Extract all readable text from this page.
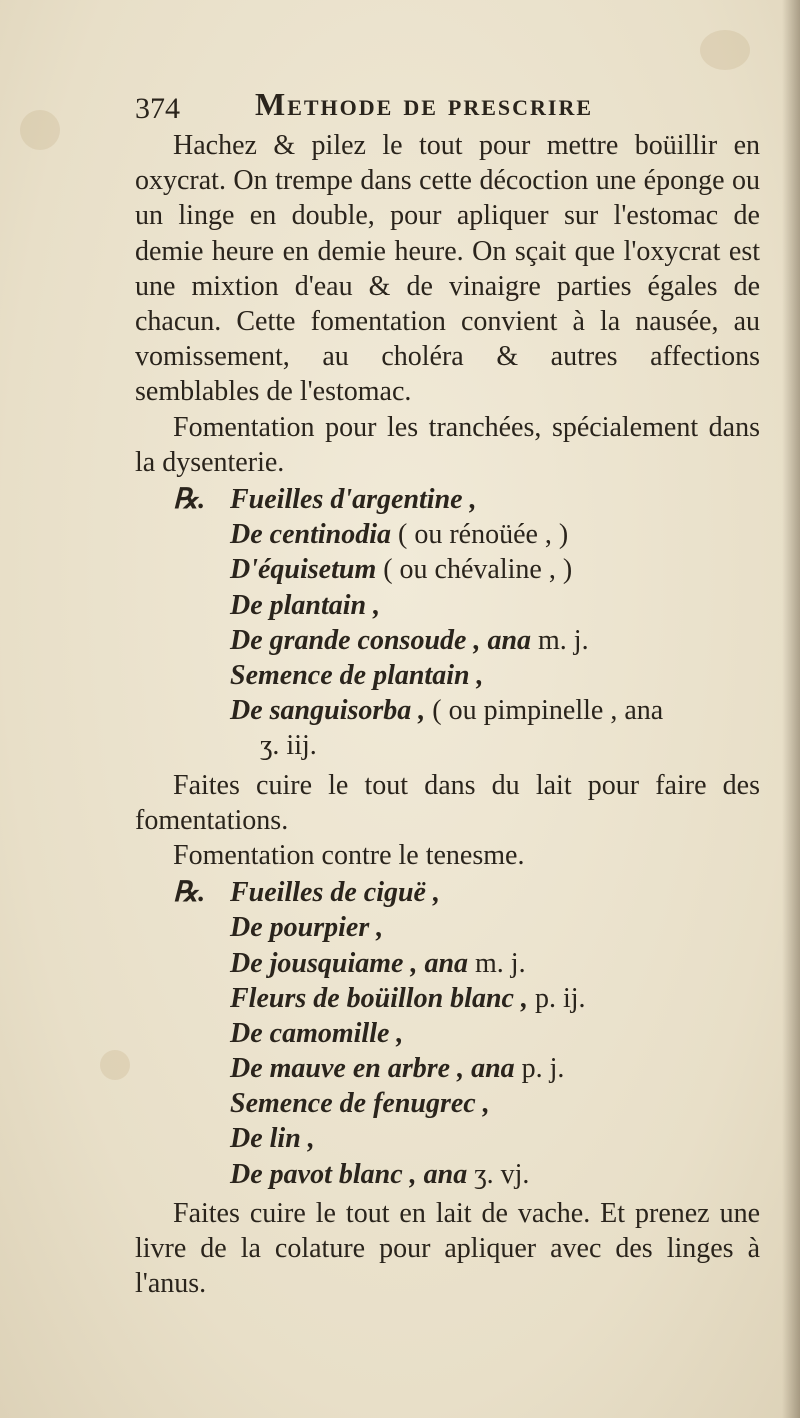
374 Methode de prescrire
Hachez & pilez le tout pour mettre boüillir en oxycrat. On trempe dans cette décoction une éponge ou un linge en double, pour apliquer sur l'estomac de demie heure en demie heure. On sçait que l'oxycrat est une mixtion d'eau & de vinaigre parties égales de chacun. Cette fomentation convient à la nausée, au vomissement, au choléra & autres affections semblables de l'estomac.
Fomentation pour les tranchées, spécialement dans la dysenterie.
℞. Fueilles d'argentine ,
De centinodia ( ou rénoüée , )
D'équisetum ( ou chévaline , )
De plantain ,
De grande consoude , ana m. j.
Semence de plantain ,
De sanguisorba , ( ou pimpinelle , ana
ʒ. iij.
Faites cuire le tout dans du lait pour faire des fomentations.
Fomentation contre le tenesme.
℞. Fueilles de ciguë ,
De pourpier ,
De jousquiame , ana m. j.
Fleurs de boüillon blanc , p. ij.
De camomille ,
De mauve en arbre , ana p. j.
Semence de fenugrec ,
De lin ,
De pavot blanc , ana ʒ. vj.
Faites cuire le tout en lait de vache. Et prenez une livre de la colature pour apliquer avec des linges à l'anus.
